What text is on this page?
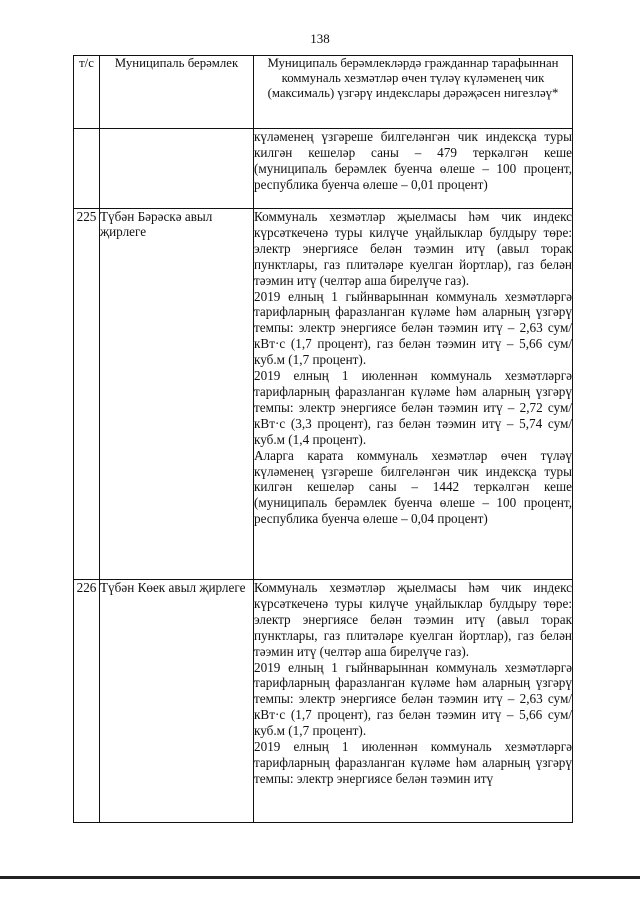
138
т/с	Муниципаль берәмлек	Муниципаль берәмлекләрдә гражданнар тарафыннан коммуналь хезмәтләр өчен түләү күләменең чик (максималь) үзгәрү индекслары дәрәҗәсен нигезләү*

		күләменең үзгәреше билгеләнгән чик индексқа туры килгән кешеләр саны – 479 теркәлгән кеше (муниципаль берәмлек буенча өлеше – 100 процент, республика буенча өлеше – 0,01 процент)

225	Түбән Бәрәскә авыл җирлеге	Коммуналь хезмәтләр җыелмасы һәм чик индекс күрсәткеченә туры килүче уңайлыклар булдыру төре: электр энергиясе белән тәэмин итү (авыл торак пунктлары, газ плитәләре куелган йортлар), газ белән тәэмин итү (челтәр аша бирелүче газ).

2019 елның 1 гыйнварыннан коммуналь хезмәтләргә тарифларның фаразланган күләме һәм аларның үзгәрү темпы: электр энергиясе белән тәэмин итү – 2,63 сум/кВт·с (1,7 процент), газ белән тәэмин итү – 5,66 сум/куб.м (1,7 процент).

2019 елның 1 июленнән коммуналь хезмәтләргә тарифларның фаразланган күләме һәм аларның үзгәрү темпы: электр энергиясе белән тәэмин итү – 2,72 сум/кВт·с (3,3 процент), газ белән тәэмин итү – 5,74 сум/куб.м (1,4 процент).

Аларга карата коммуналь хезмәтләр өчен түләү күләменең үзгәреше билгеләнгән чик индексқа туры килгән кешеләр саны – 1442 теркәлгән кеше (муниципаль берәмлек буенча өлеше – 100 процент, республика буенча өлеше – 0,04 процент)

226	Түбән Көек авыл җирлеге	Коммуналь хезмәтләр җыелмасы һәм чик индекс күрсәткеченә туры килүче уңайлыклар булдыру төре: электр энергиясе белән тәэмин итү (авыл торак пунктлары, газ плитәләре куелган йортлар), газ белән тәэмин итү (челтәр аша бирелүче газ).

2019 елның 1 гыйнварыннан коммуналь хезмәтләргә тарифларның фаразланган күләме һәм аларның үзгәрү темпы: электр энергиясе белән тәэмин итү – 2,63 сум/кВт·с (1,7 процент), газ белән тәэмин итү – 5,66 сум/куб.м (1,7 процент).

2019 елның 1 июленнән коммуналь хезмәтләргә тарифларның фаразланган күләме һәм аларның үзгәрү темпы: электр энергиясе белән тәэмин итү
